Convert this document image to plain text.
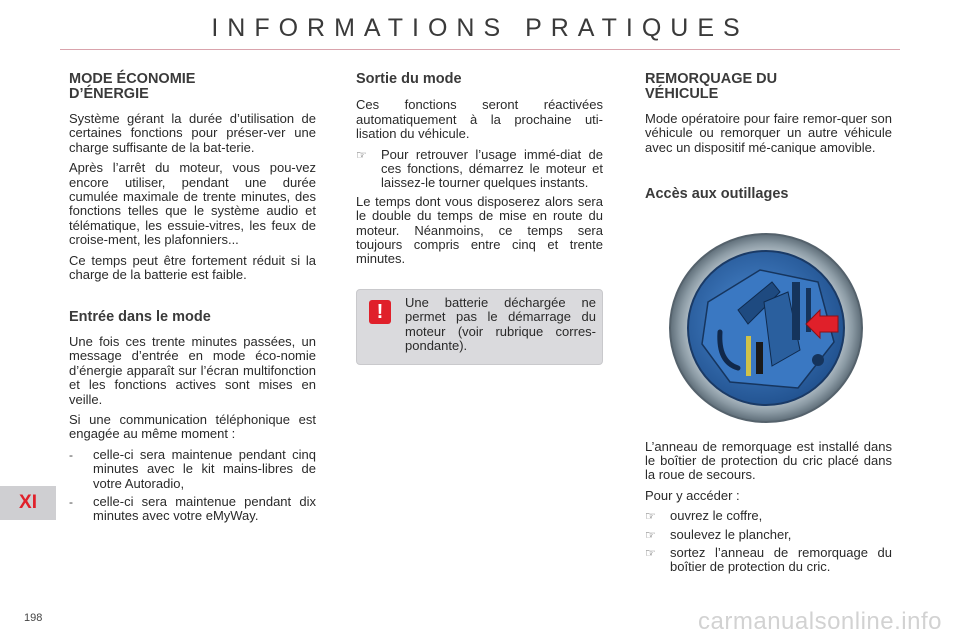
INFORMATIONS PRATIQUES
MODE ÉCONOMIE D’ÉNERGIE

Système gérant la durée d’utilisation de certaines fonctions pour préser-ver une charge suffisante de la bat-terie.

Après l’arrêt du moteur, vous pou-vez encore utiliser, pendant une durée cumulée maximale de trente minutes, des fonctions telles que le système audio et télématique, les essuie-vitres, les feux de croise-ment, les plafonniers...

Ce temps peut être fortement réduit si la charge de la batterie est faible.

Entrée dans le mode

Une fois ces trente minutes passées, un message d’entrée en mode éco-nomie d’énergie apparaît sur l’écran multifonction et les fonctions actives sont mises en veille.

Si une communication téléphonique est engagée au même moment :

-	celle-ci sera maintenue pendant cinq minutes avec le kit mains-libres de votre Autoradio,
-	celle-ci sera maintenue pendant dix minutes avec votre eMyWay.
Sortie du mode

Ces fonctions seront réactivées automatiquement à la prochaine uti-lisation du véhicule.

☞	Pour retrouver l’usage immé-diat de ces fonctions, démarrez le moteur et laissez-le tourner quelques instants.

Le temps dont vous disposerez alors sera le double du temps de mise en route du moteur. Néanmoins, ce temps sera toujours compris entre cinq et trente minutes.

!	Une batterie déchargée ne permet pas le démarrage du moteur (voir rubrique corres-pondante).
REMORQUAGE DU VÉHICULE

Mode opératoire pour faire remor-quer son véhicule ou remorquer un autre véhicule avec un dispositif mé-canique amovible.

Accès aux outillages

L’anneau de remorquage est installé dans le boîtier de protection du cric placé dans la roue de secours.

Pour y accéder :

☞	ouvrez le coffre,
☞	soulevez le plancher,
☞	sortez l’anneau de remorquage du boîtier de protection du cric.
XI
198	carmanualsonline.info
